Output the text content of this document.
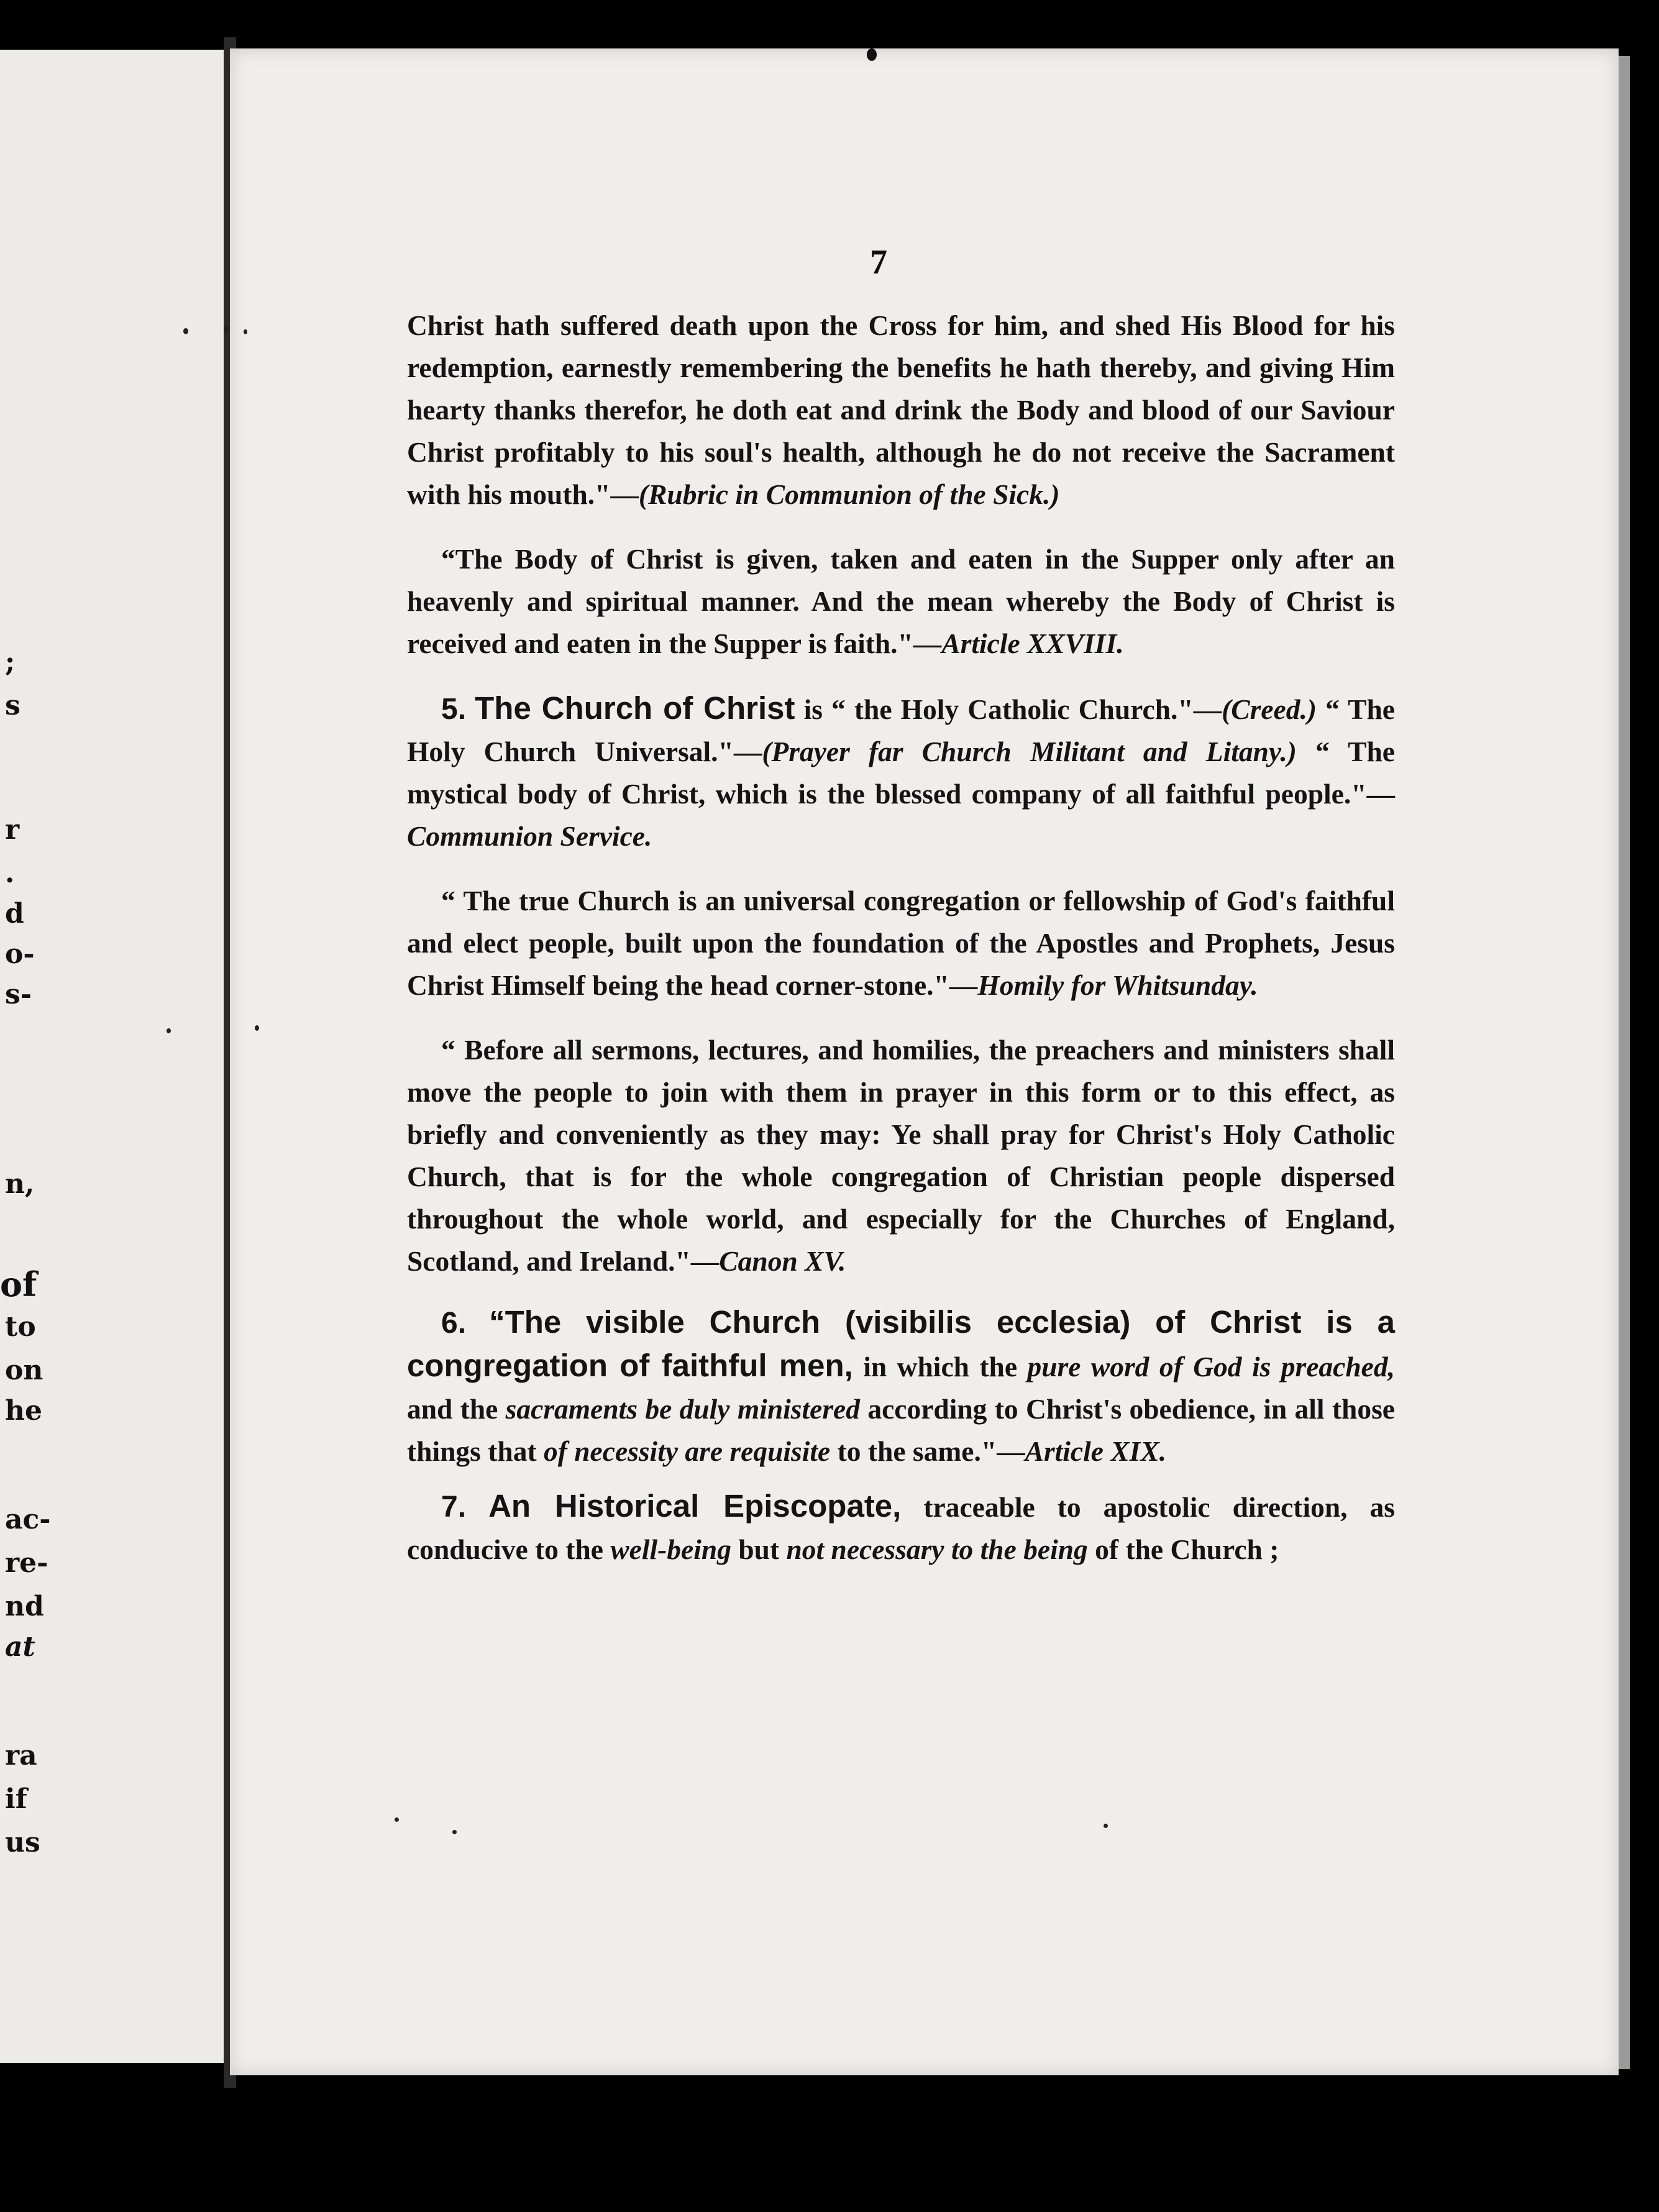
;
s
r
.
d
o-
s-
n,
of
to
on
he
ac-
re-
nd
at
ra
if
us
7

Christ hath suffered death upon the Cross for him, and shed His Blood for his redemption, earnestly remembering the benefits he hath thereby, and giving Him hearty thanks therefor, he doth eat and drink the Body and blood of our Saviour Christ profitably to his soul's health, although he do not receive the Sacrament with his mouth."—(Rubric in Communion of the Sick.)

“The Body of Christ is given, taken and eaten in the Supper only after an heavenly and spiritual manner. And the mean whereby the Body of Christ is received and eaten in the Supper is faith."—Article XXVIII.

5. The Church of Christ is “ the Holy Catholic Church."—(Creed.) “ The Holy Church Universal."—(Prayer far Church Militant and Litany.) “ The mystical body of Christ, which is the blessed company of all faithful people."—Communion Service.

“ The true Church is an universal congregation or fellowship of God's faithful and elect people, built upon the foundation of the Apostles and Prophets, Jesus Christ Himself being the head corner-stone."—Homily for Whitsunday.

“ Before all sermons, lectures, and homilies, the preachers and ministers shall move the people to join with them in prayer in this form or to this effect, as briefly and conveniently as they may: Ye shall pray for Christ's Holy Catholic Church, that is for the whole congregation of Christian people dispersed throughout the whole world, and especially for the Churches of England, Scotland, and Ireland."—Canon XV.

6. “The visible Church (visibilis ecclesia) of Christ is a congregation of faithful men, in which the pure word of God is preached, and the sacraments be duly ministered according to Christ's obedience, in all those things that of necessity are requisite to the same."—Article XIX.

7. An Historical Episcopate, traceable to apostolic direction, as conducive to the well-being but not necessary to the being of the Church ;
